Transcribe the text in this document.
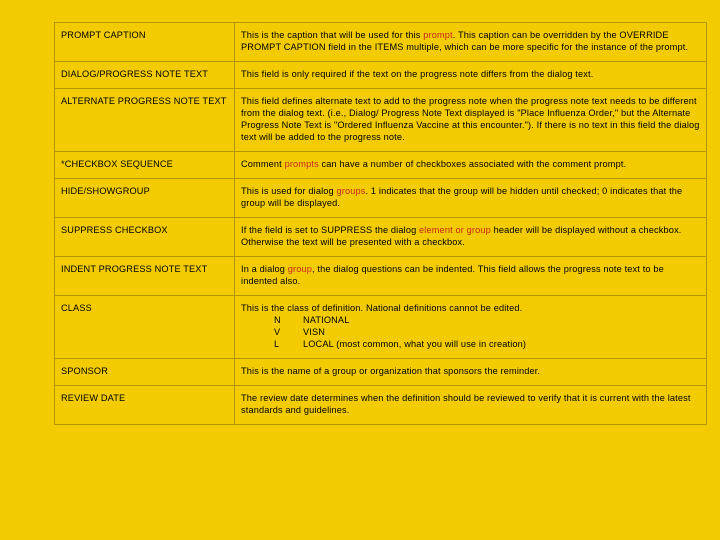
PROMPT CAPTION	This is the caption that will be used for this prompt. This caption can be overridden by the OVERRIDE PROMPT CAPTION field in the ITEMS multiple, which can be more specific for the instance of the prompt.
DIALOG/PROGRESS NOTE TEXT	This field is only required if the text on the progress note differs from the dialog text.
ALTERNATE PROGRESS NOTE TEXT	This field defines alternate text to add to the progress note when the progress note text needs to be different from the dialog text. (i.e., Dialog/ Progress Note Text displayed is "Place Influenza Order," but the Alternate Progress Note Text is "Ordered Influenza Vaccine at this encounter."). If there is no text in this field the dialog text will be added to the progress note.
*CHECKBOX SEQUENCE	Comment prompts can have a number of checkboxes associated with the comment prompt.
HIDE/SHOWGROUP	This is used for dialog groups. 1 indicates that the group will be hidden until checked; 0 indicates that the group will be displayed.
SUPPRESS CHECKBOX	If the field is set to SUPPRESS the dialog element or group header will be displayed without a checkbox. Otherwise the text will be presented with a checkbox.
INDENT PROGRESS NOTE TEXT	In a dialog group, the dialog questions can be indented. This field allows the progress note text to be indented also.
CLASS	This is the class of definition. National definitions cannot be edited.
N NATIONAL
V VISN
L LOCAL (most common, what you will use in creation)

SPONSOR	This is the name of a group or organization that sponsors the reminder.
REVIEW DATE	The review date determines when the definition should be reviewed to verify that it is current with the latest standards and guidelines.
